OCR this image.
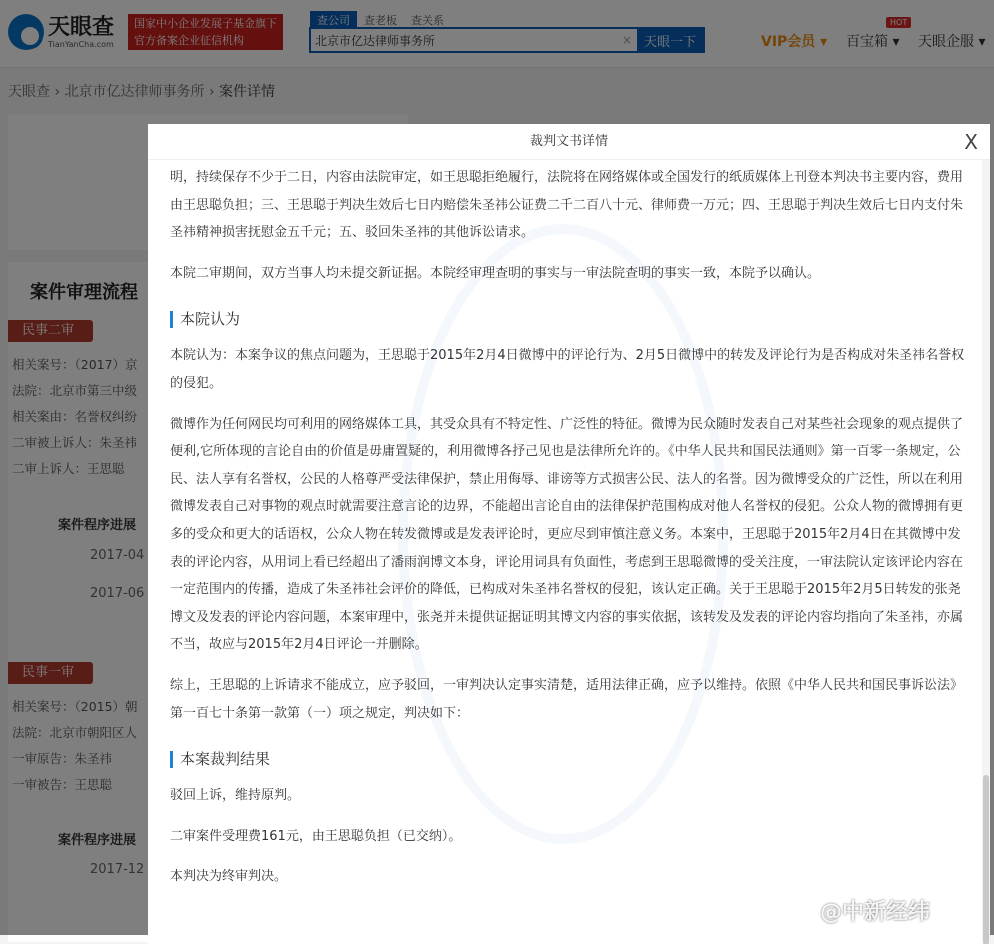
北京市亿达律师事务所
裁判文书详情	X

明，持续保存不少于二日，内容由法院审定，如王思聪拒绝履行，法院将在网络媒体或全国发行的纸质媒体上刊登本判决书主要内容，费用由王思聪负担；三、王思聪于判决生效后七日内赔偿朱圣祎公证费二千二百八十元、律师费一万元；四、王思聪于判决生效后七日内支付朱圣祎精神损害抚慰金五千元；五、驳回朱圣祎的其他诉讼请求。

本院二审期间，双方当事人均未提交新证据。本院经审理查明的事实与一审法院查明的事实一致，本院予以确认。

本院认为

本院认为：本案争议的焦点问题为，王思聪于2015年2月4日微博中的评论行为、2月5日微博中的转发及评论行为是否构成对朱圣祎名誉权的侵犯。

微博作为任何网民均可利用的网络媒体工具，其受众具有不特定性、广泛性的特征。微博为民众随时发表自己对某些社会现象的观点提供了便利,它所体现的言论自由的价值是毋庸置疑的，利用微博各抒己见也是法律所允许的。《中华人民共和国民法通则》第一百零一条规定，公民、法人享有名誉权，公民的人格尊严受法律保护，禁止用侮辱、诽谤等方式损害公民、法人的名誉。因为微博受众的广泛性，所以在利用微博发表自己对事物的观点时就需要注意言论的边界，不能超出言论自由的法律保护范围构成对他人名誉权的侵犯。公众人物的微博拥有更多的受众和更大的话语权，公众人物在转发微博或是发表评论时，更应尽到审慎注意义务。本案中，王思聪于2015年2月4日在其微博中发表的评论内容，从用词上看已经超出了潘雨润博文本身，评论用词具有负面性，考虑到王思聪微博的受关注度，一审法院认定该评论内容在一定范围内的传播，造成了朱圣祎社会评价的降低，已构成对朱圣祎名誉权的侵犯，该认定正确。关于王思聪于2015年2月5日转发的张尧博文及发表的评论内容问题，本案审理中，张尧并未提供证据证明其博文内容的事实依据，该转发及发表的评论内容均指向了朱圣祎，亦属不当，故应与2015年2月4日评论一并删除。

综上，王思聪的上诉请求不能成立，应予驳回，一审判决认定事实清楚，适用法律正确，应予以维持。依照《中华人民共和国民事诉讼法》第一百七十条第一款第（一）项之规定，判决如下：

本案裁判结果

驳回上诉，维持原判。

二审案件受理费161元，由王思聪负担（已交纳）。

本判决为终审判决。

@中新经纬
